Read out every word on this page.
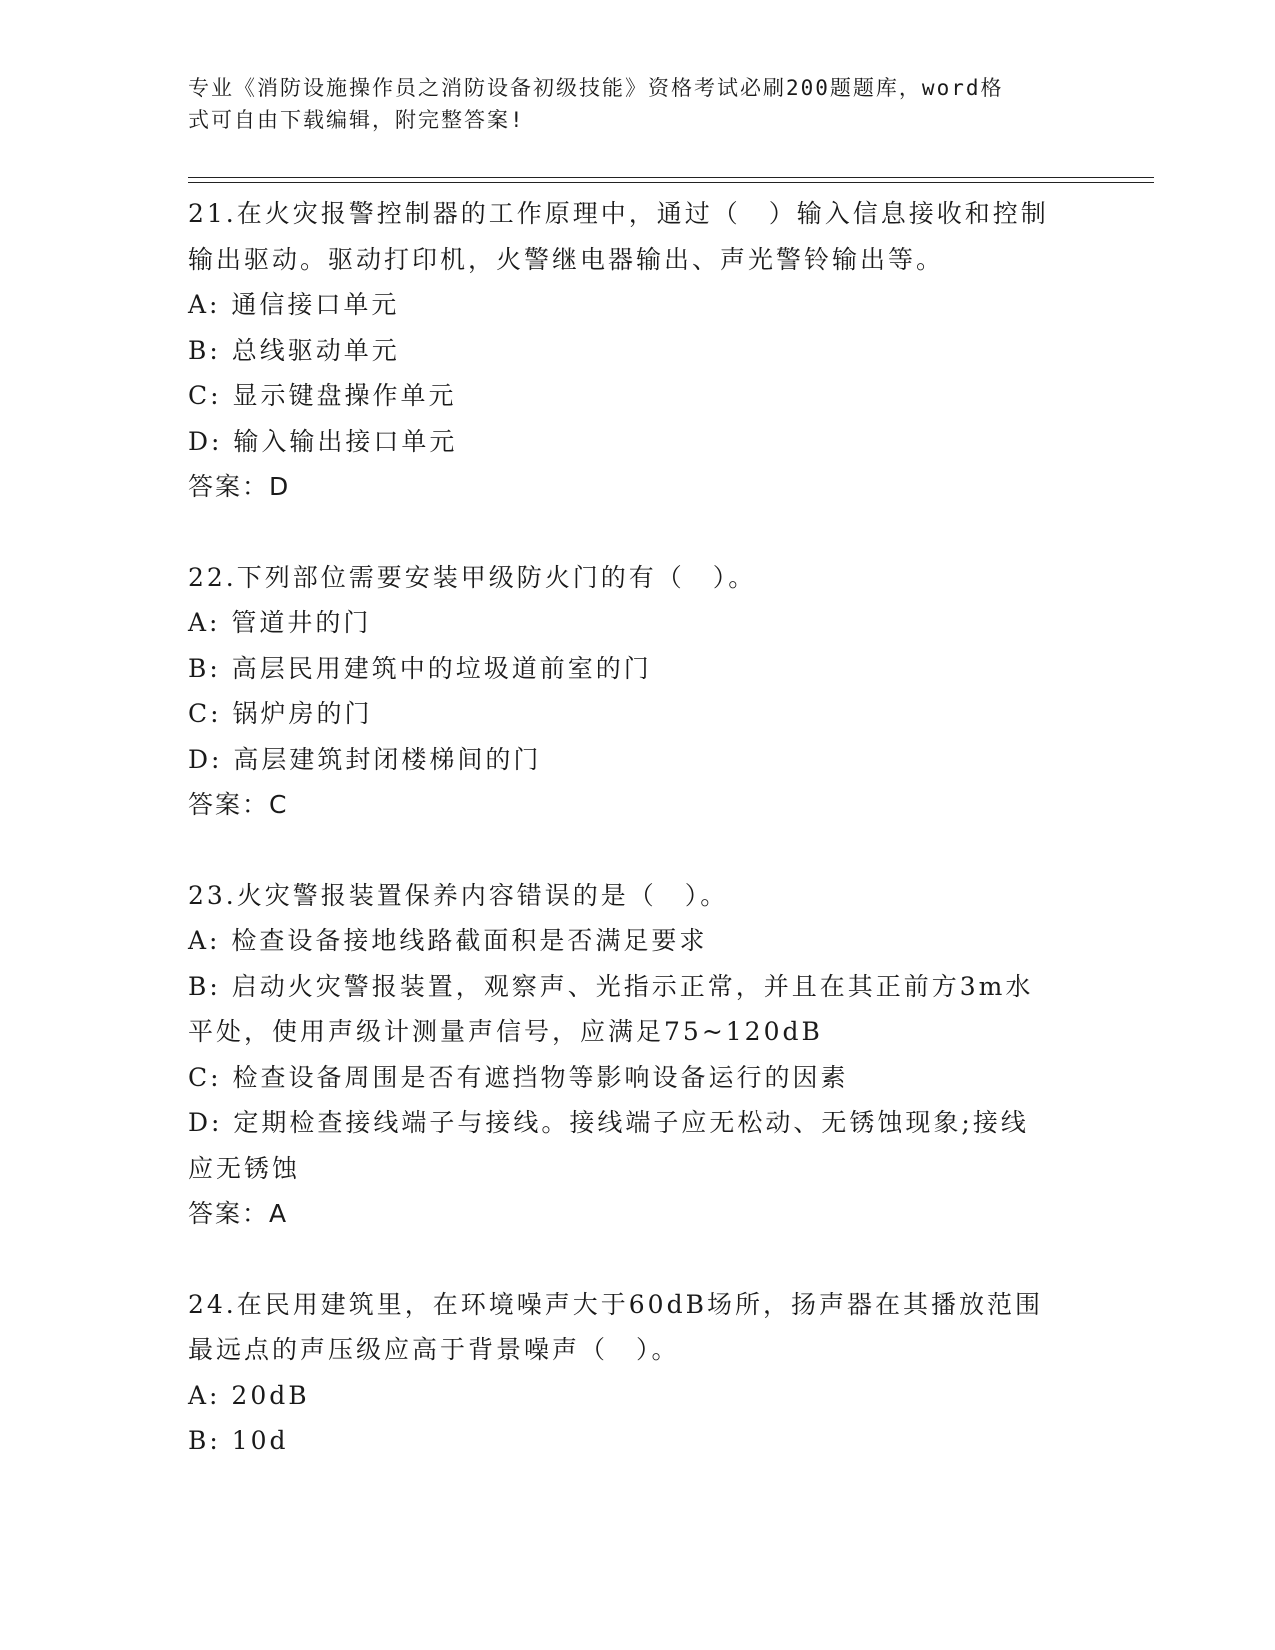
专业《消防设施操作员之消防设备初级技能》资格考试必刷200题题库，word格
式可自由下载编辑，附完整答案!
21.在火灾报警控制器的工作原理中，通过（　）输入信息接收和控制
输出驱动。驱动打印机，火警继电器输出、声光警铃输出等。
A: 通信接口单元
B: 总线驱动单元
C: 显示键盘操作单元
D: 输入输出接口单元
答案：D
22.下列部位需要安装甲级防火门的有（　）。
A: 管道井的门
B: 高层民用建筑中的垃圾道前室的门
C: 锅炉房的门
D: 高层建筑封闭楼梯间的门
答案：C
23.火灾警报装置保养内容错误的是（　）。
A: 检查设备接地线路截面积是否满足要求
B: 启动火灾警报装置，观察声、光指示正常，并且在其正前方3m水
平处，使用声级计测量声信号，应满足75~120dB
C: 检查设备周围是否有遮挡物等影响设备运行的因素
D: 定期检查接线端子与接线。接线端子应无松动、无锈蚀现象;接线
应无锈蚀
答案：A
24.在民用建筑里，在环境噪声大于60dB场所，扬声器在其播放范围
最远点的声压级应高于背景噪声（　）。
A: 20dB
B: 10d
